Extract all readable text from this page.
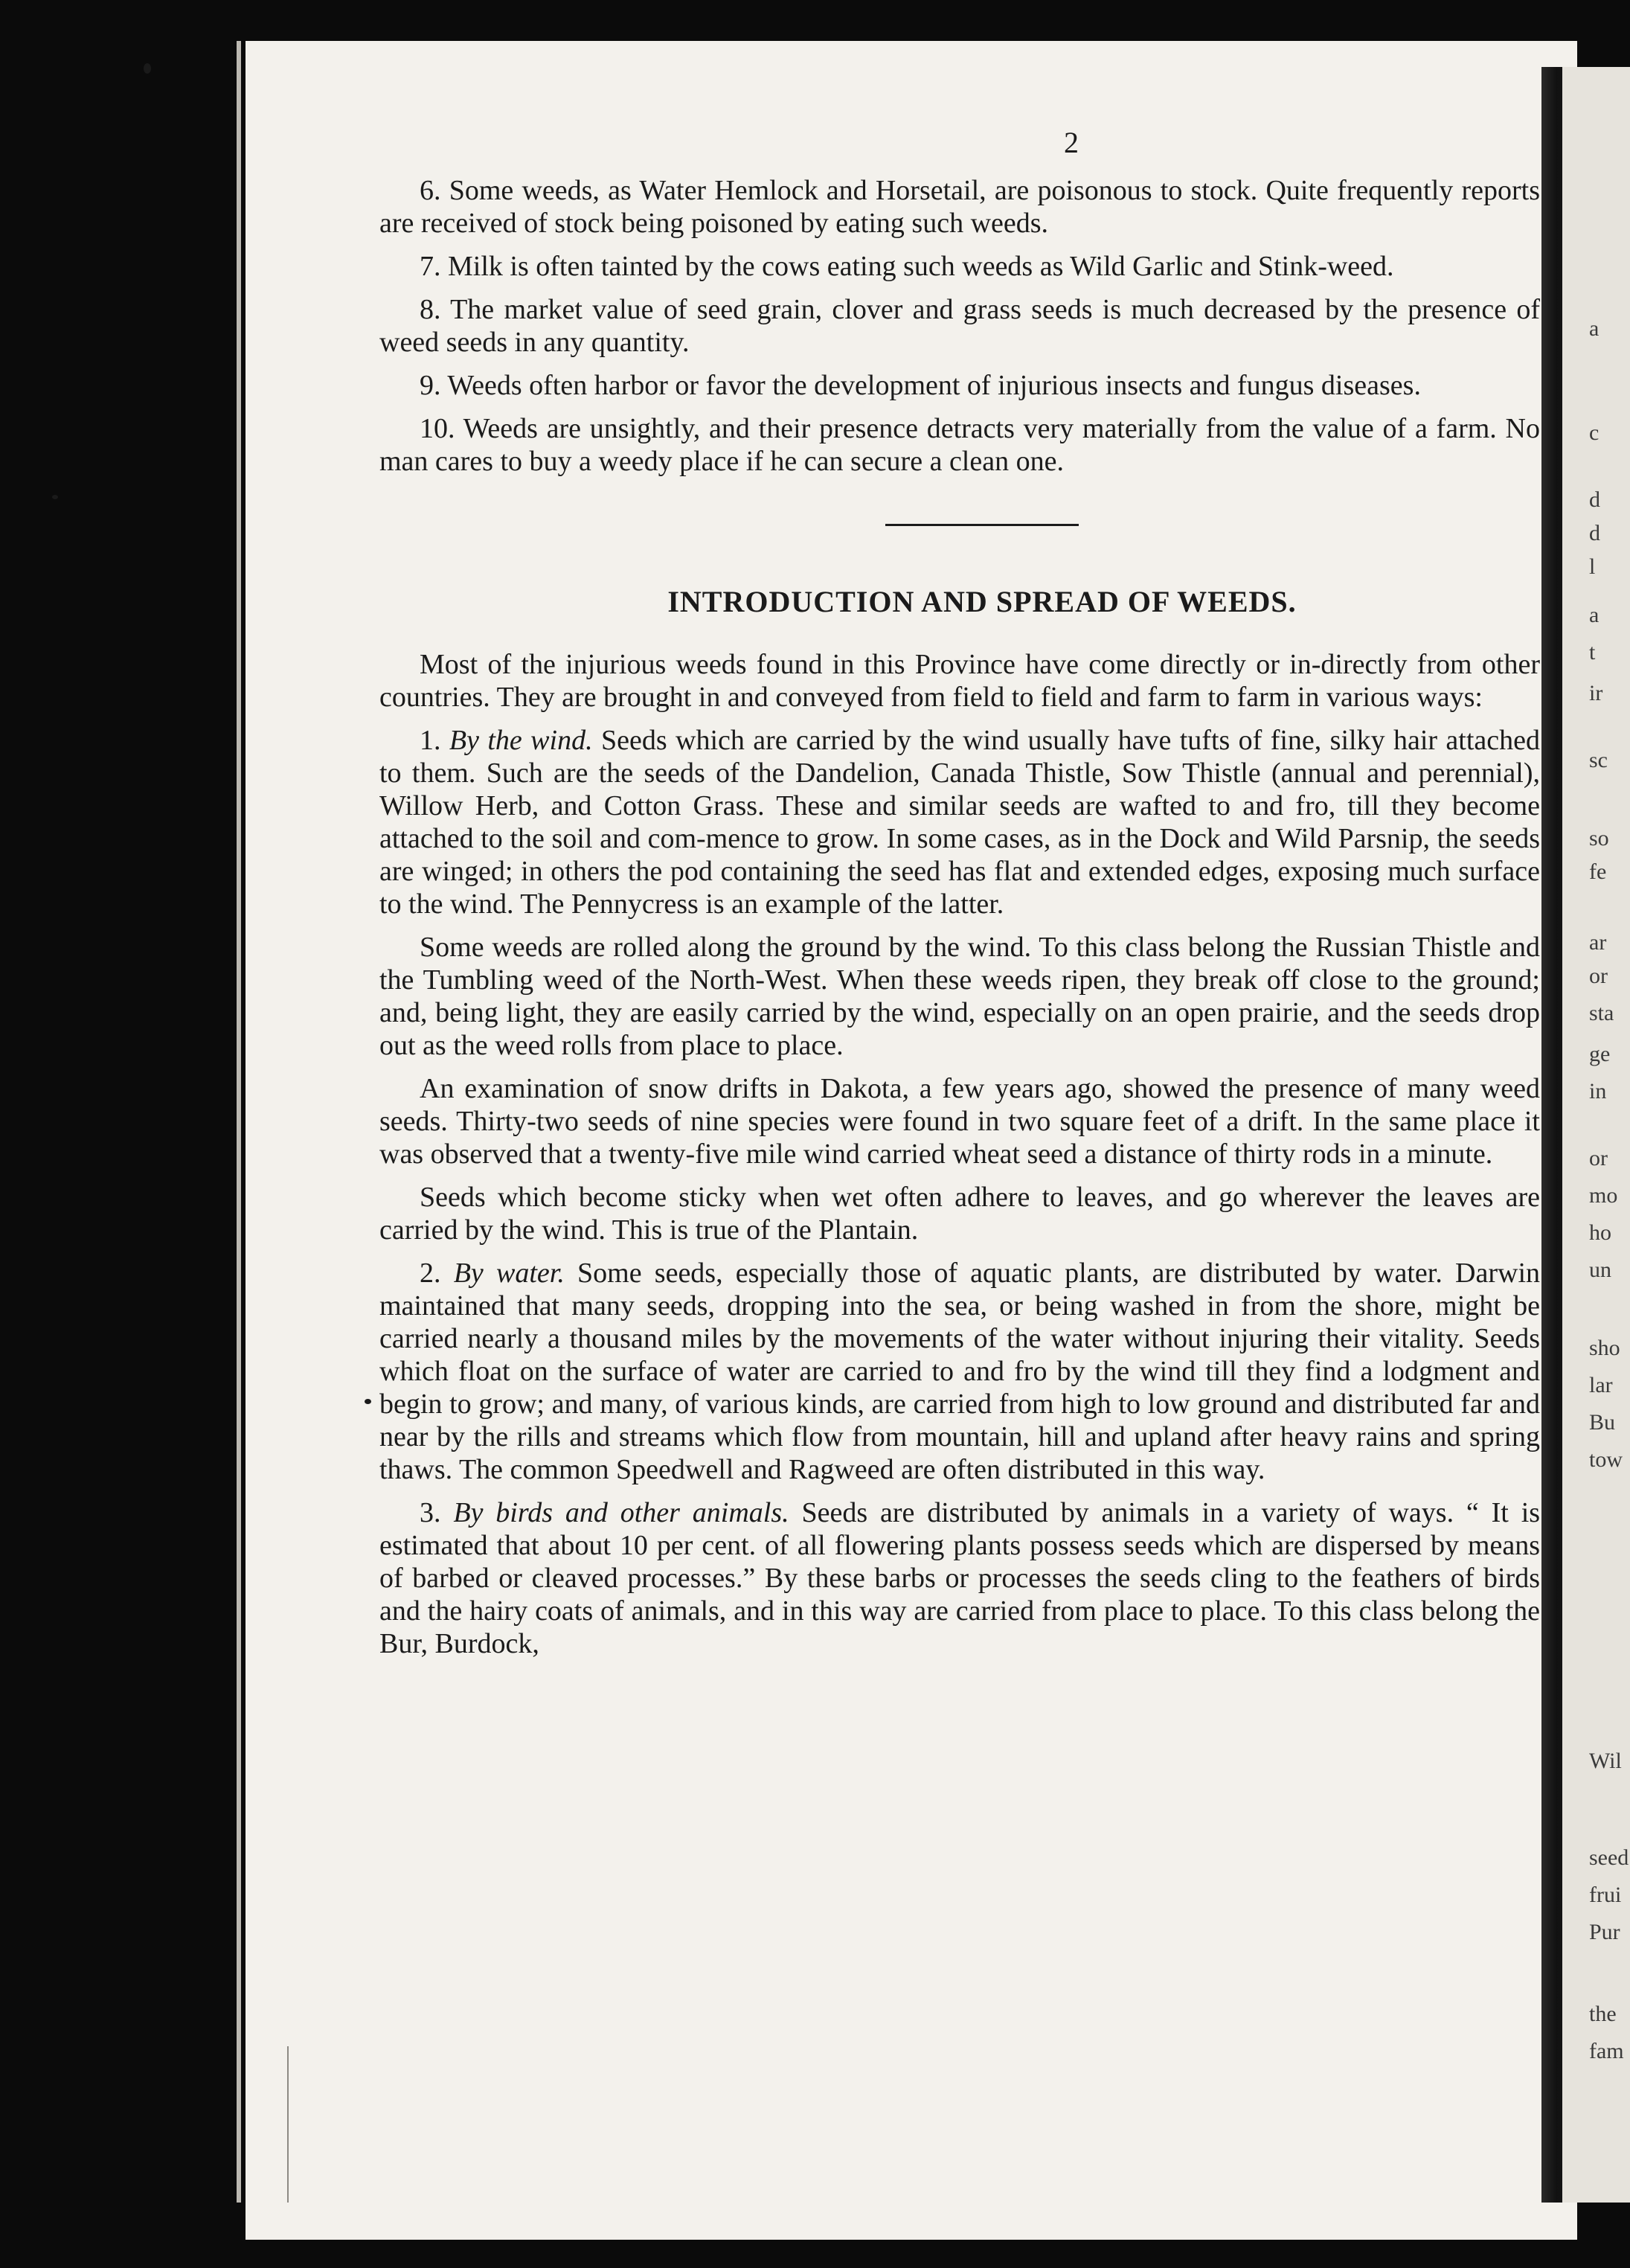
a
c
d
d
l
a
t
ir
sc
so
fe
ar
or
sta
ge
in
or
mo
ho
un
sho
lar
Bu
tow
Wil
seed
frui
Pur
the
fam
2

6. Some weeds, as Water Hemlock and Horsetail, are poisonous to stock. Quite frequently reports are received of stock being poisoned by eating such weeds.

7. Milk is often tainted by the cows eating such weeds as Wild Garlic and Stink-weed.

8. The market value of seed grain, clover and grass seeds is much decreased by the presence of weed seeds in any quantity.

9. Weeds often harbor or favor the development of injurious insects and fungus diseases.

10. Weeds are unsightly, and their presence detracts very materially from the value of a farm. No man cares to buy a weedy place if he can secure a clean one.

INTRODUCTION AND SPREAD OF WEEDS.

Most of the injurious weeds found in this Province have come directly or in-directly from other countries. They are brought in and conveyed from field to field and farm to farm in various ways:

1. By the wind. Seeds which are carried by the wind usually have tufts of fine, silky hair attached to them. Such are the seeds of the Dandelion, Canada Thistle, Sow Thistle (annual and perennial), Willow Herb, and Cotton Grass. These and similar seeds are wafted to and fro, till they become attached to the soil and com-mence to grow. In some cases, as in the Dock and Wild Parsnip, the seeds are winged; in others the pod containing the seed has flat and extended edges, exposing much surface to the wind. The Pennycress is an example of the latter.

Some weeds are rolled along the ground by the wind. To this class belong the Russian Thistle and the Tumbling weed of the North-West. When these weeds ripen, they break off close to the ground; and, being light, they are easily carried by the wind, especially on an open prairie, and the seeds drop out as the weed rolls from place to place.

An examination of snow drifts in Dakota, a few years ago, showed the presence of many weed seeds. Thirty-two seeds of nine species were found in two square feet of a drift. In the same place it was observed that a twenty-five mile wind carried wheat seed a distance of thirty rods in a minute.

Seeds which become sticky when wet often adhere to leaves, and go wherever the leaves are carried by the wind. This is true of the Plantain.

2. By water. Some seeds, especially those of aquatic plants, are distributed by water. Darwin maintained that many seeds, dropping into the sea, or being washed in from the shore, might be carried nearly a thousand miles by the movements of the water without injuring their vitality. Seeds which float on the surface of water are carried to and fro by the wind till they find a lodgment and begin to grow; and many, of various kinds, are carried from high to low ground and distributed far and near by the rills and streams which flow from mountain, hill and upland after heavy rains and spring thaws. The common Speedwell and Ragweed are often distributed in this way.

3. By birds and other animals. Seeds are distributed by animals in a variety of ways. “ It is estimated that about 10 per cent. of all flowering plants possess seeds which are dispersed by means of barbed or cleaved processes.” By these barbs or processes the seeds cling to the feathers of birds and the hairy coats of animals, and in this way are carried from place to place. To this class belong the Bur, Burdock,
